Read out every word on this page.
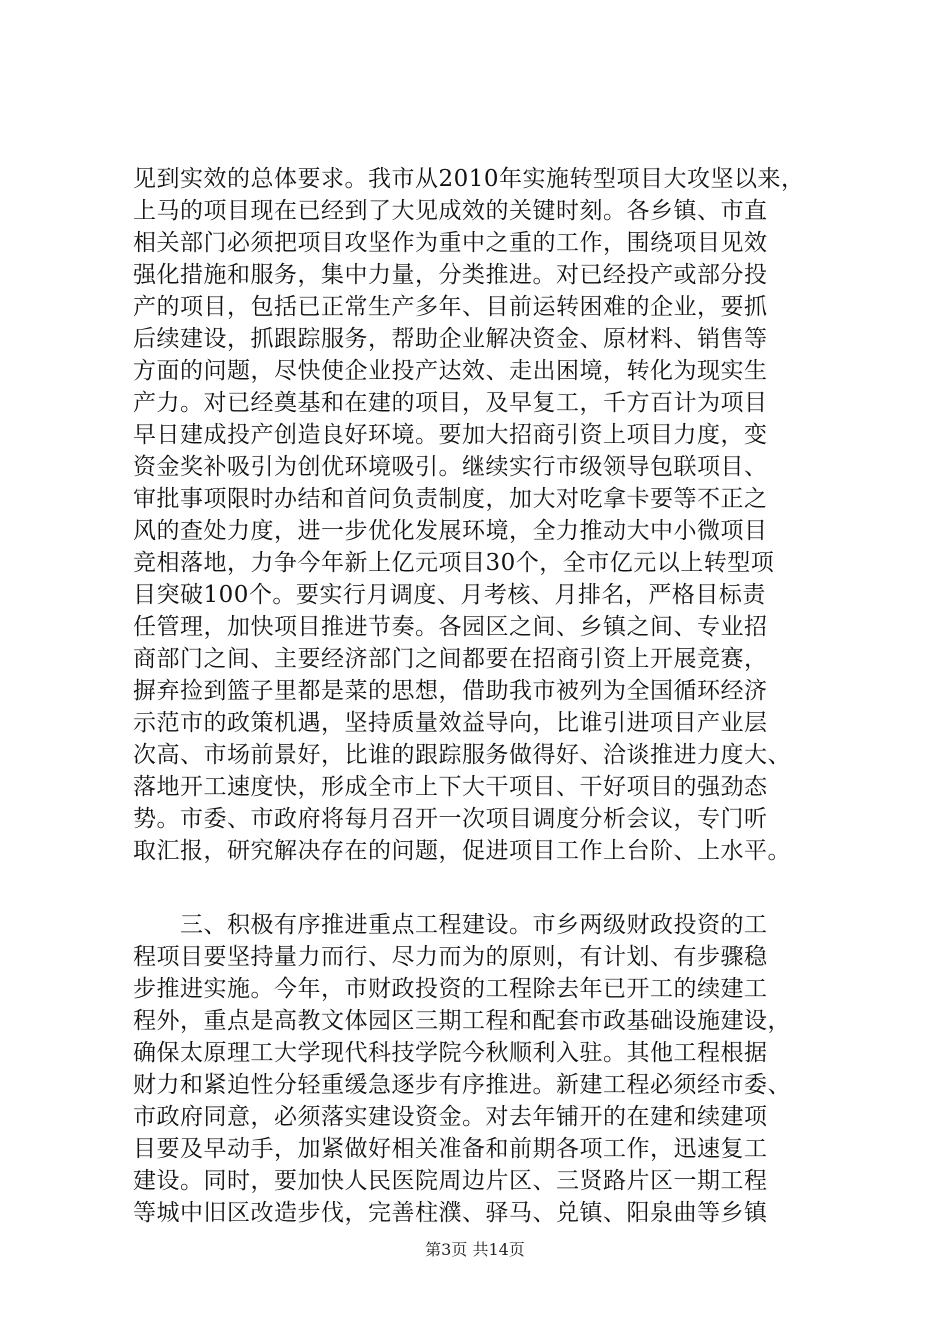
见到实效的总体要求。我市从2010年实施转型项目大攻坚以来，
上马的项目现在已经到了大见成效的关键时刻。各乡镇、市直
相关部门必须把项目攻坚作为重中之重的工作，围绕项目见效
强化措施和服务，集中力量，分类推进。对已经投产或部分投
产的项目，包括已正常生产多年、目前运转困难的企业，要抓
后续建设，抓跟踪服务，帮助企业解决资金、原材料、销售等
方面的问题，尽快使企业投产达效、走出困境，转化为现实生
产力。对已经奠基和在建的项目，及早复工，千方百计为项目
早日建成投产创造良好环境。要加大招商引资上项目力度，变
资金奖补吸引为创优环境吸引。继续实行市级领导包联项目、
审批事项限时办结和首问负责制度，加大对吃拿卡要等不正之
风的查处力度，进一步优化发展环境，全力推动大中小微项目
竞相落地，力争今年新上亿元项目30个，全市亿元以上转型项
目突破100个。要实行月调度、月考核、月排名，严格目标责
任管理，加快项目推进节奏。各园区之间、乡镇之间、专业招
商部门之间、主要经济部门之间都要在招商引资上开展竞赛，
摒弃捡到篮子里都是菜的思想，借助我市被列为全国循环经济
示范市的政策机遇，坚持质量效益导向，比谁引进项目产业层
次高、市场前景好，比谁的跟踪服务做得好、洽谈推进力度大、
落地开工速度快，形成全市上下大干项目、干好项目的强劲态
势。市委、市政府将每月召开一次项目调度分析会议，专门听
取汇报，研究解决存在的问题，促进项目工作上台阶、上水平。
　　三、积极有序推进重点工程建设。市乡两级财政投资的工
程项目要坚持量力而行、尽力而为的原则，有计划、有步骤稳
步推进实施。今年，市财政投资的工程除去年已开工的续建工
程外，重点是高教文体园区三期工程和配套市政基础设施建设，
确保太原理工大学现代科技学院今秋顺利入驻。其他工程根据
财力和紧迫性分轻重缓急逐步有序推进。新建工程必须经市委、
市政府同意，必须落实建设资金。对去年铺开的在建和续建项
目要及早动手，加紧做好相关准备和前期各项工作，迅速复工
建设。同时，要加快人民医院周边片区、三贤路片区一期工程
等城中旧区改造步伐，完善柱濮、驿马、兑镇、阳泉曲等乡镇
第3页 共14页
